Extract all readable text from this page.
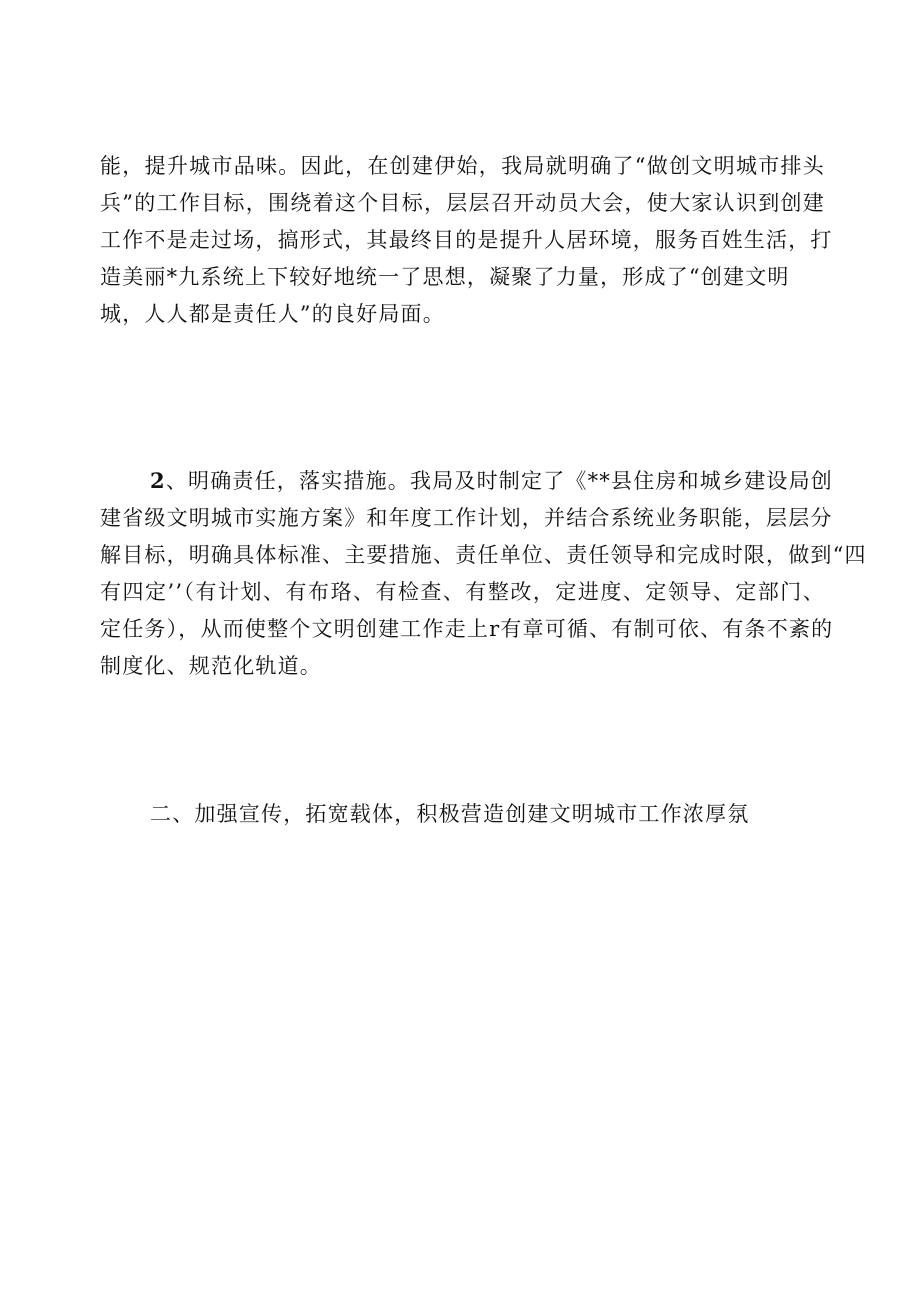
能，提升城市品味。因此，在创建伊始，我局就明确了“做创文明城市排头
兵”的工作目标，围绕着这个目标，层层召开动员大会，使大家认识到创建
工作不是走过场，搞形式，其最终目的是提升人居环境，服务百姓生活，打
造美丽*九系统上下较好地统一了思想，凝聚了力量，形成了“创建文明
城，人人都是责任人”的良好局面。
2、明确责任，落实措施。我局及时制定了《**县住房和城乡建设局创
建省级文明城市实施方案》和年度工作计划，并结合系统业务职能，层层分
解目标，明确具体标准、主要措施、责任单位、责任领导和完成时限，做到“四
有四定’’（有计划、有布珞、有检查、有整改，定进度、定领导、定部门、
定任务），从而使整个文明创建工作走上r有章可循、有制可依、有条不紊的
制度化、规范化轨道。
二、加强宣传，拓宽载体，积极营造创建文明城市工作浓厚氛
